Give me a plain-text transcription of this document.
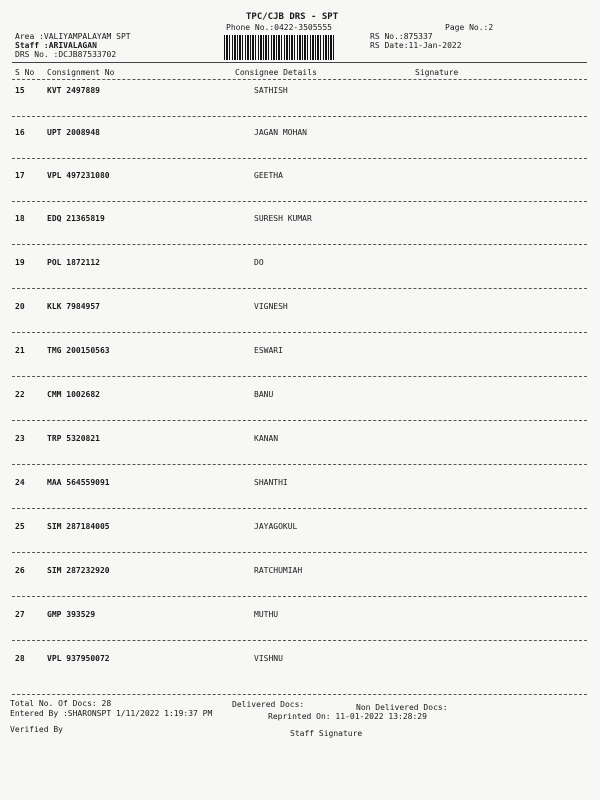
TPC/CJB DRS - SPT
Phone No.:0422-3505555	Page No.:2
Area :VALIYAMPALAYAM SPT
Staff :ARIVALAGAN
DRS No. :DCJB87533702
RS No.:875337
RS Date:11-Jan-2022
S No Consignment No	Consignee Details	Signature
15	KVT 2497889	SATHISH
16	UPT 2008948	JAGAN MOHAN
17	VPL 497231080	GEETHA
18	EDQ 21365819	SURESH KUMAR
19	POL 1872112	DO
20	KLK 7984957	VIGNESH
21	TMG 200150563	ESWARI
22	CMM 1002682	BANU
23	TRP 5320821	KANAN
24	MAA 564559091	SHANTHI
25	SIM 287184005	JAYAGOKUL
26	SIM 287232920	RATCHUMIAH
27	GMP 393529	MUTHU
28	VPL 937950072	VISHNU
Total No. Of Docs: 28	Delivered Docs:	Non Delivered Docs:
Entered By :SHARONSPT 1/11/2022 1:19:37 PM	Reprinted On: 11-01-2022 13:28:29
Verified By	Staff Signature
